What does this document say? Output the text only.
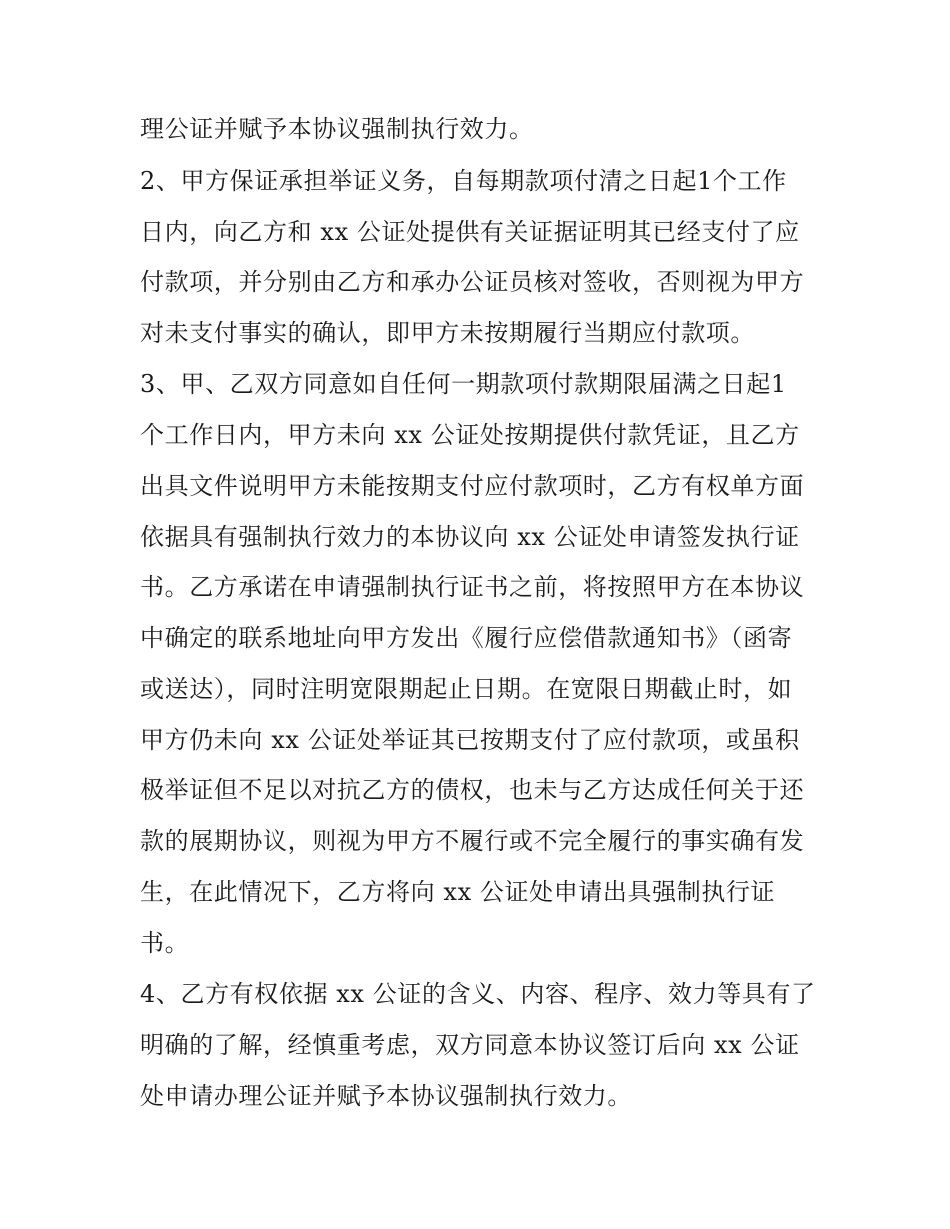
理公证并赋予本协议强制执行效力。
2、甲方保证承担举证义务，自每期款项付清之日起1个工作
日内，向乙方和 xx 公证处提供有关证据证明其已经支付了应
付款项，并分别由乙方和承办公证员核对签收，否则视为甲方
对未支付事实的确认，即甲方未按期履行当期应付款项。
3、甲、乙双方同意如自任何一期款项付款期限届满之日起1
个工作日内，甲方未向 xx 公证处按期提供付款凭证，且乙方
出具文件说明甲方未能按期支付应付款项时，乙方有权单方面
依据具有强制执行效力的本协议向 xx 公证处申请签发执行证
书。乙方承诺在申请强制执行证书之前，将按照甲方在本协议
中确定的联系地址向甲方发出《履行应偿借款通知书》（函寄
或送达），同时注明宽限期起止日期。在宽限日期截止时，如
甲方仍未向 xx 公证处举证其已按期支付了应付款项，或虽积
极举证但不足以对抗乙方的债权，也未与乙方达成任何关于还
款的展期协议，则视为甲方不履行或不完全履行的事实确有发
生，在此情况下，乙方将向 xx 公证处申请出具强制执行证
书。
4、乙方有权依据 xx 公证的含义、内容、程序、效力等具有了
明确的了解，经慎重考虑，双方同意本协议签订后向 xx 公证
处申请办理公证并赋予本协议强制执行效力。
